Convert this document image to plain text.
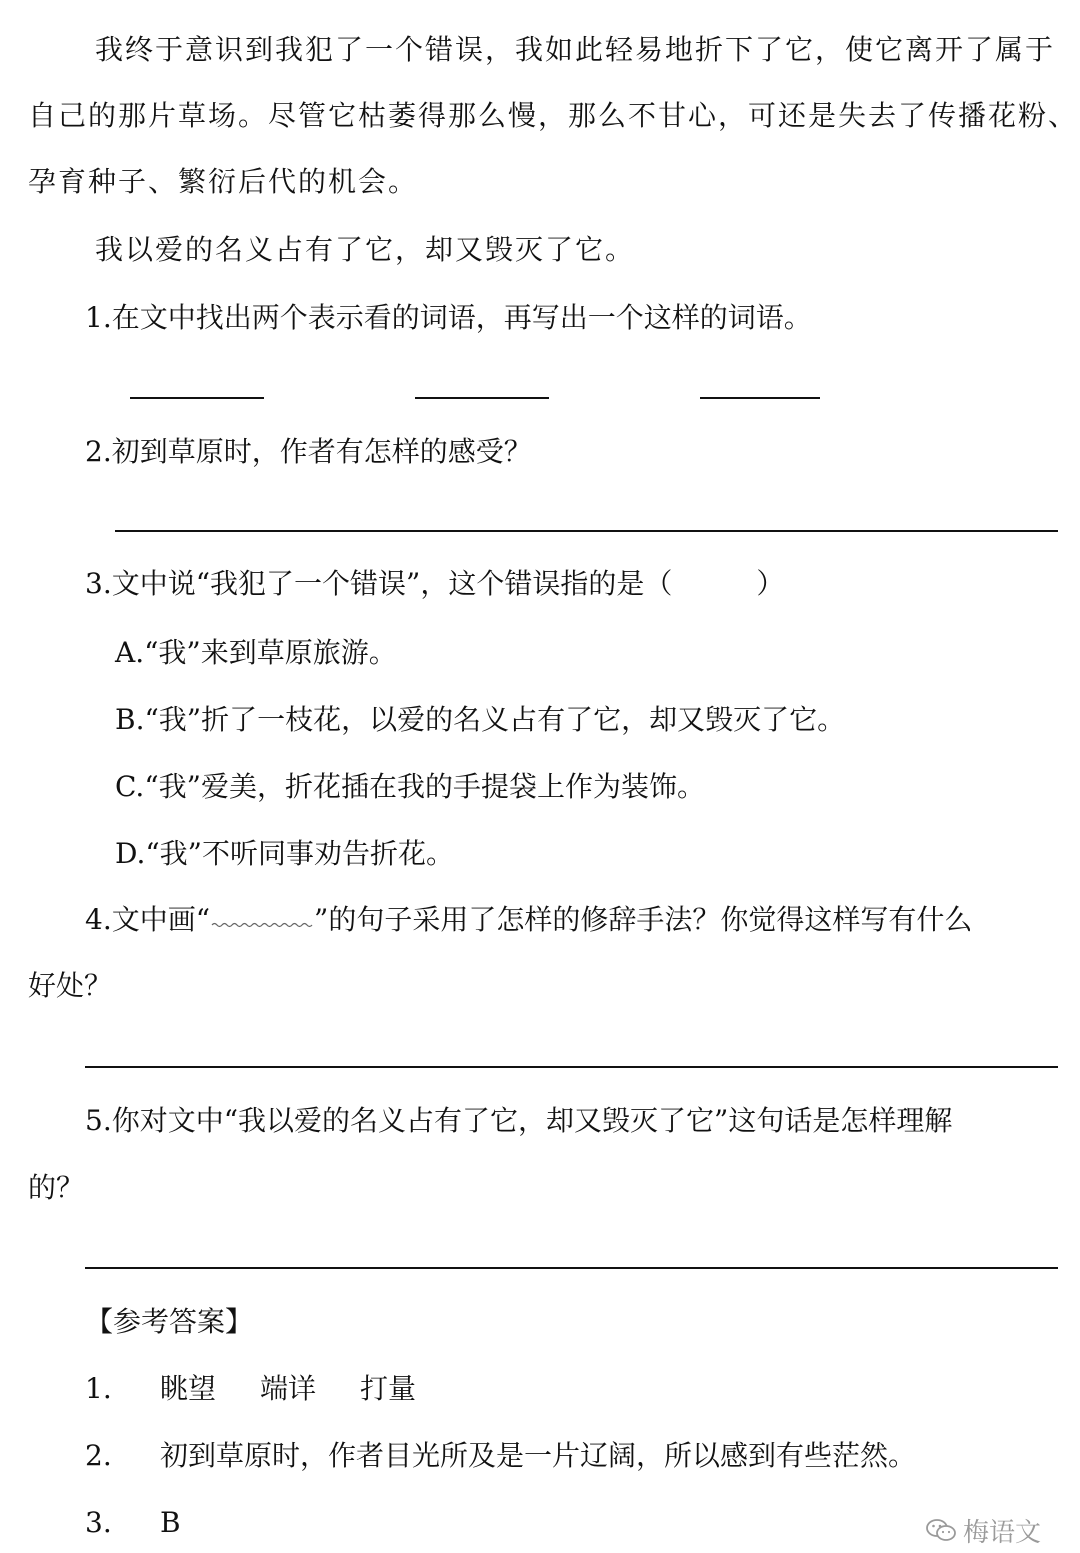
我终于意识到我犯了一个错误，我如此轻易地折下了它，使它离开了属于
自己的那片草场。尽管它枯萎得那么慢，那么不甘心，可还是失去了传播花粉、
孕育种子、繁衍后代的机会。
我以爱的名义占有了它，却又毁灭了它。
1.在文中找出两个表示看的词语，再写出一个这样的词语。
2.初到草原时，作者有怎样的感受？
3.文中说“我犯了一个错误”，这个错误指的是（　　　）
A.“我”来到草原旅游。
B.“我”折了一枝花，以爱的名义占有了它，却又毁灭了它。
C.“我”爱美，折花插在我的手提袋上作为装饰。
D.“我”不听同事劝告折花。
4.文中画“	”的句子采用了怎样的修辞手法？你觉得这样写有什么
好处？
5.你对文中“我以爱的名义占有了它，却又毁灭了它”这句话是怎样理解
的？
【参考答案】
1. 眺望 端详 打量
2. 初到草原时，作者目光所及是一片辽阔，所以感到有些茫然。
3. B	梅语文
